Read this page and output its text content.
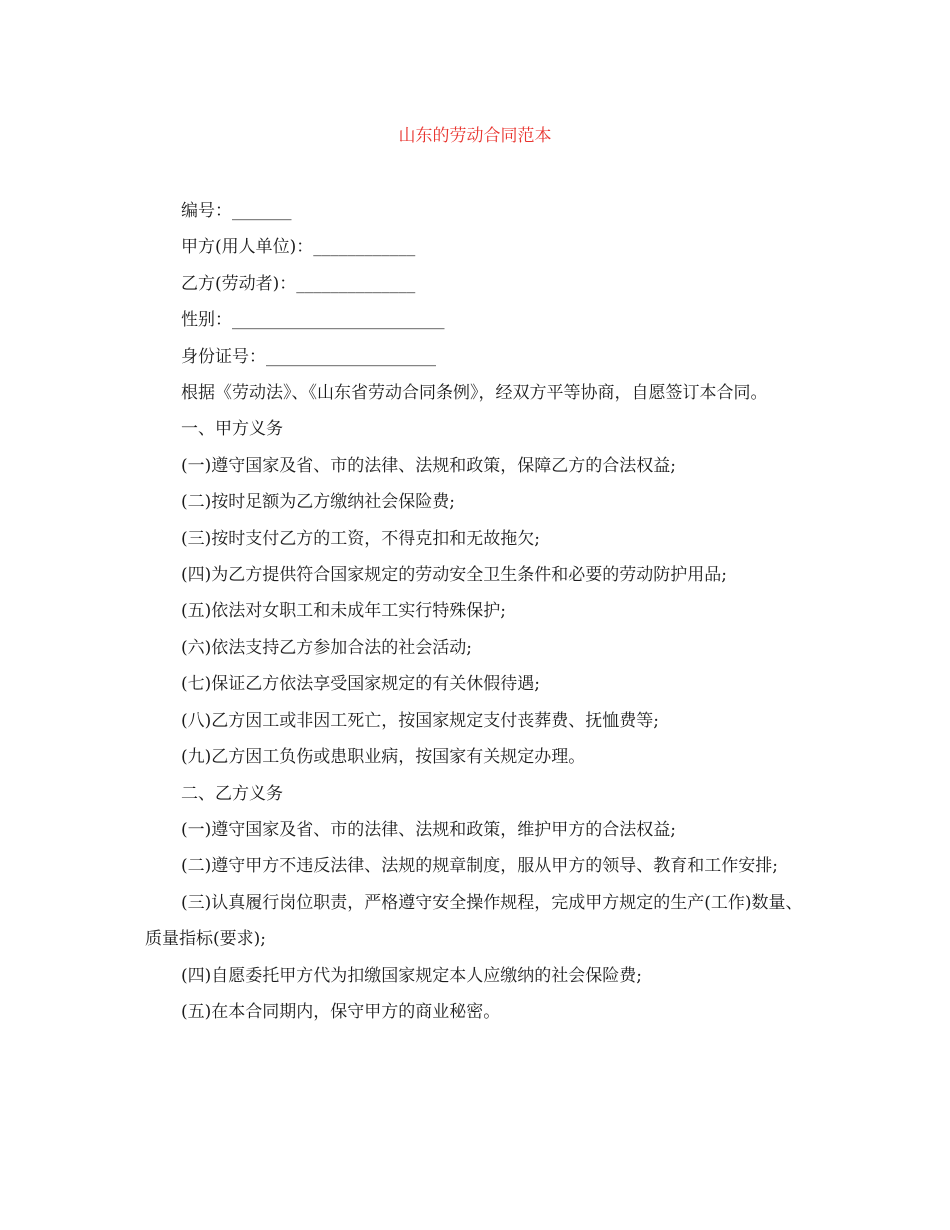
山东的劳动合同范本

编号：_______

甲方(用人单位)：____________

乙方(劳动者)：______________

性别：_________________________

身份证号：____________________

根据《劳动法》、《山东省劳动合同条例》，经双方平等协商，自愿签订本合同。

一、甲方义务

(一)遵守国家及省、市的法律、法规和政策，保障乙方的合法权益;

(二)按时足额为乙方缴纳社会保险费;

(三)按时支付乙方的工资，不得克扣和无故拖欠;

(四)为乙方提供符合国家规定的劳动安全卫生条件和必要的劳动防护用品;

(五)依法对女职工和未成年工实行特殊保护;

(六)依法支持乙方参加合法的社会活动;

(七)保证乙方依法享受国家规定的有关休假待遇;

(八)乙方因工或非因工死亡，按国家规定支付丧葬费、抚恤费等;

(九)乙方因工负伤或患职业病，按国家有关规定办理。

二、乙方义务

(一)遵守国家及省、市的法律、法规和政策，维护甲方的合法权益;

(二)遵守甲方不违反法律、法规的规章制度，服从甲方的领导、教育和工作安排;

(三)认真履行岗位职责，严格遵守安全操作规程，完成甲方规定的生产(工作)数量、质量指标(要求);

(四)自愿委托甲方代为扣缴国家规定本人应缴纳的社会保险费;

(五)在本合同期内，保守甲方的商业秘密。
